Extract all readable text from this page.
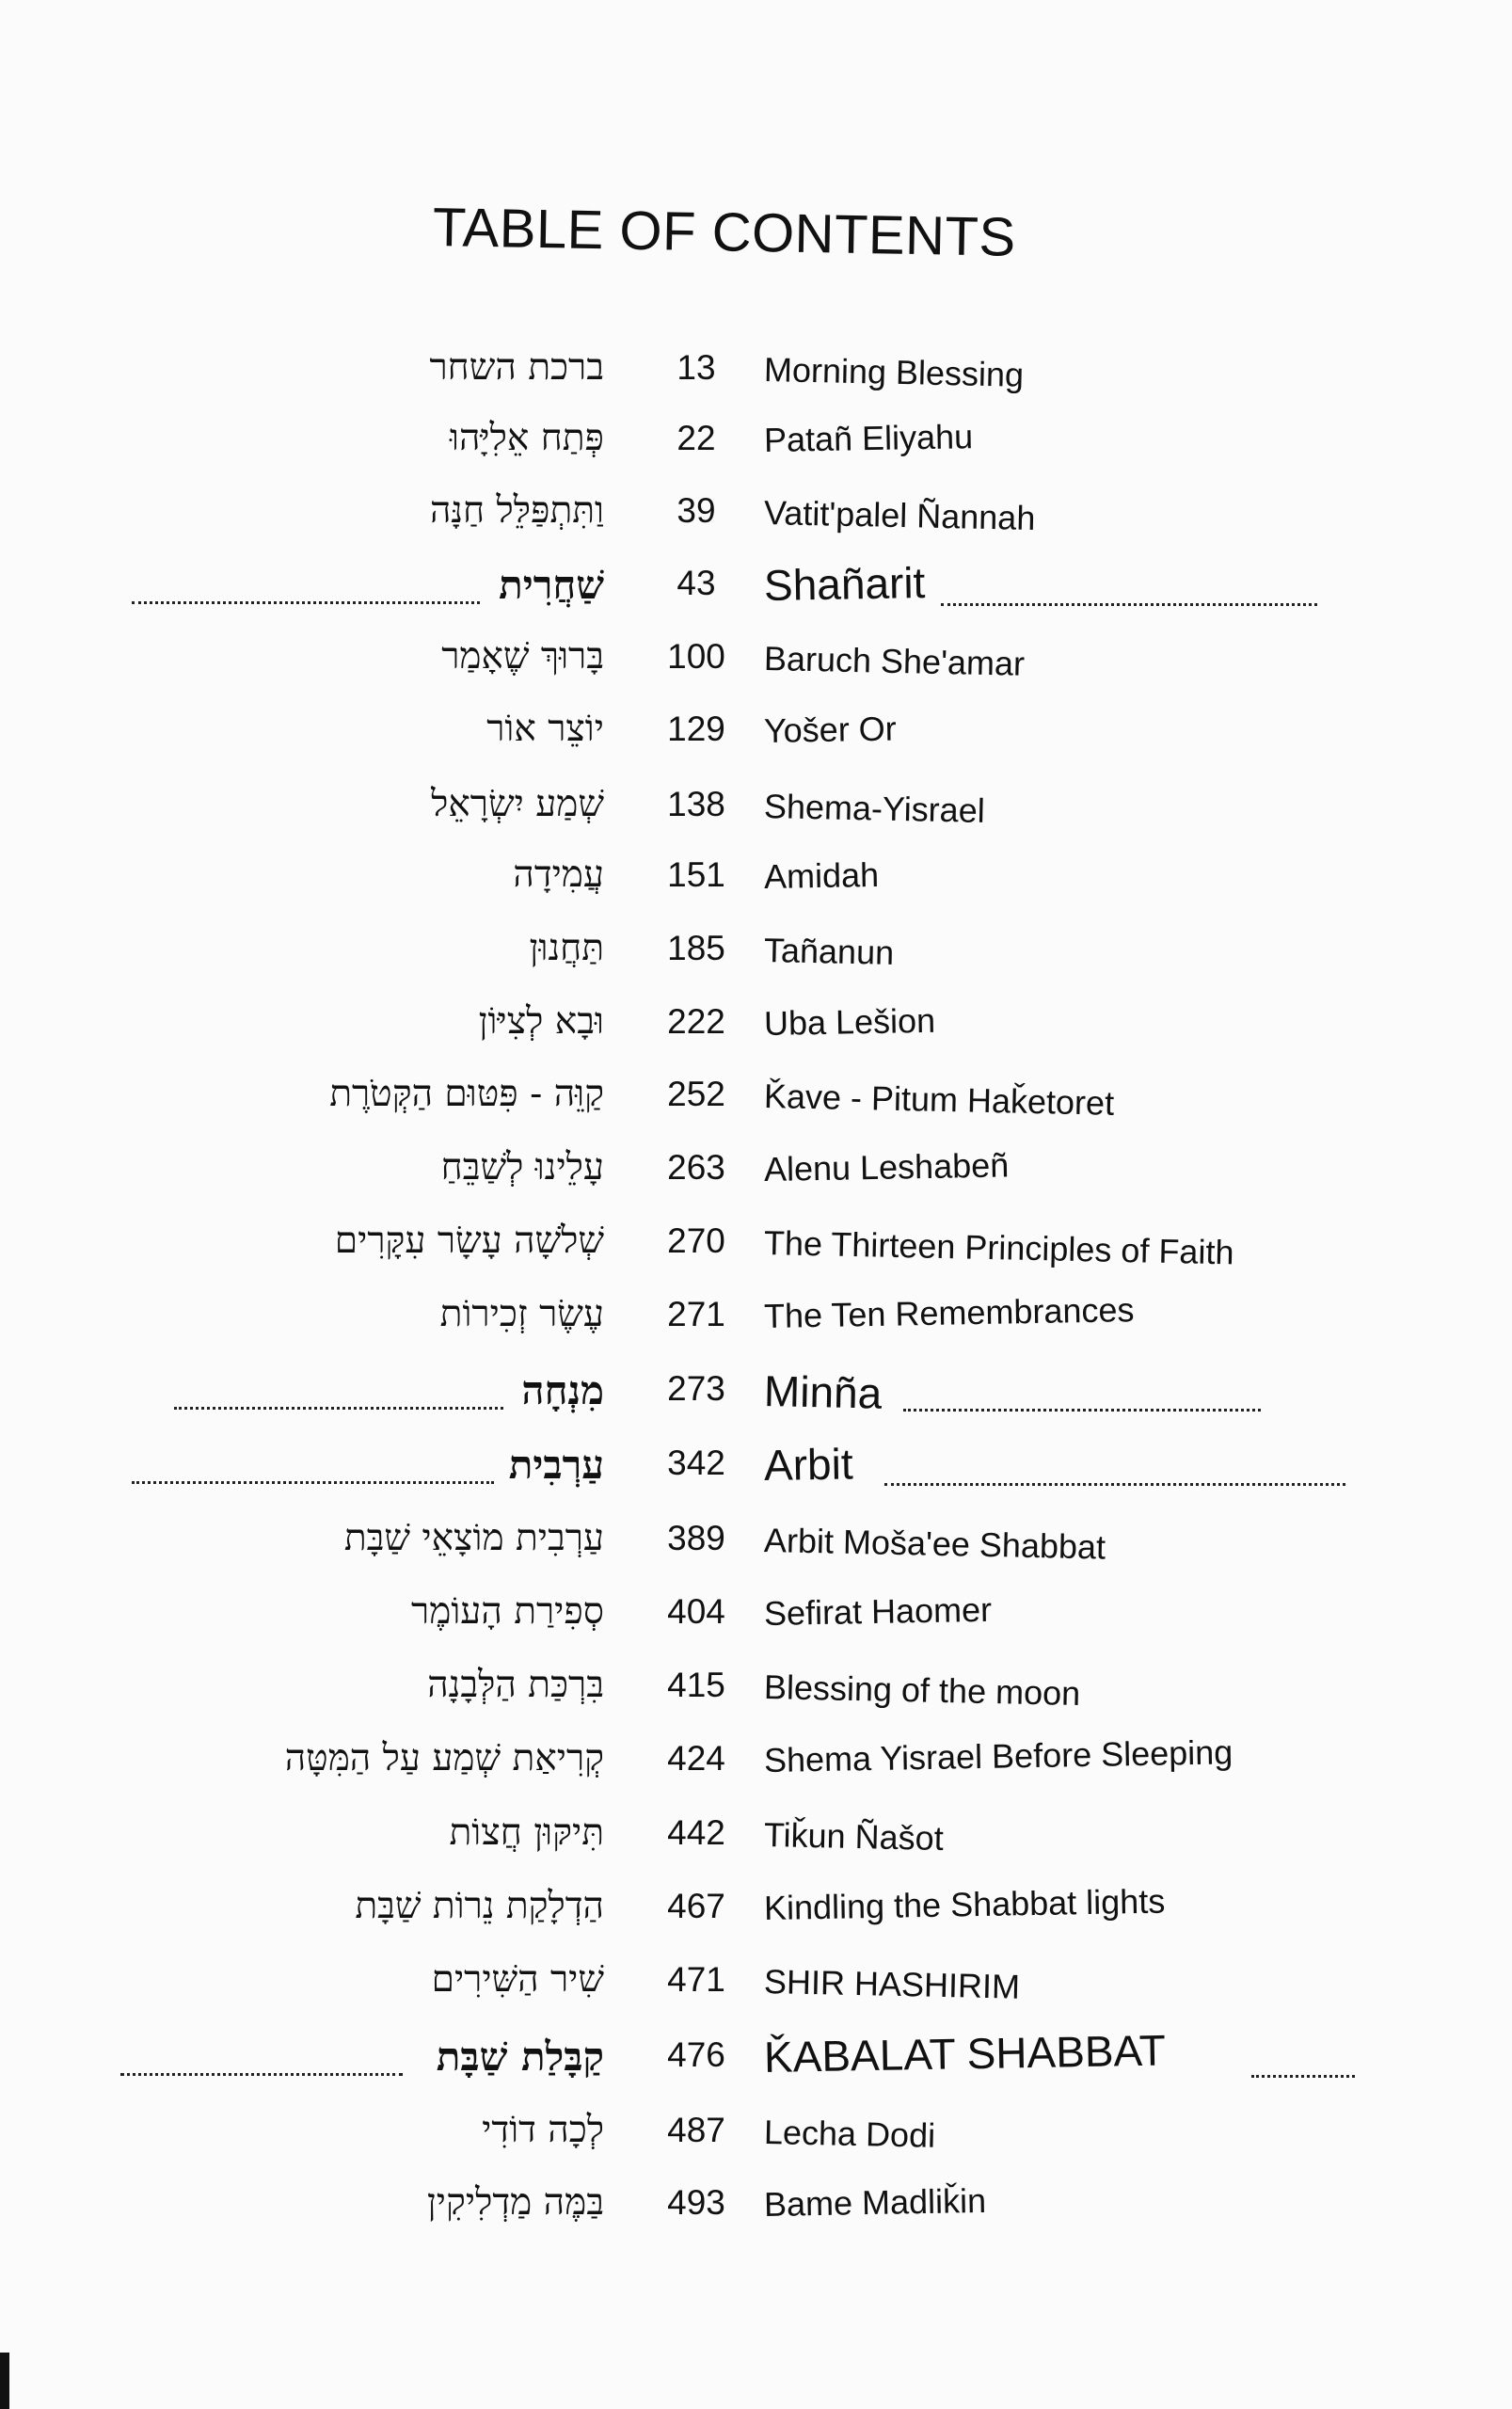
TABLE OF CONTENTS
ברכת השחר	13	Morning Blessing
פְּתַח אֵלִיָּהוּ	22	Patañ Eliyahu
וַתִּתְפַּלֵּל חַנָּה	39	Vatit'palel Ñannah
שַׁחֲרִית	43	Shañarit
בָּרוּךְ שֶׁאָמַר	100	Baruch She'amar
יוֹצֵר אוֹר	129	Yošer Or
שְׁמַע יִשְׂרָאֵל	138	Shema-Yisrael
עֲמִידָה	151	Amidah
תַּחֲנוּן	185	Tañanun
וּבָא לְצִיּוֹן	222	Uba Lešion
קַוֵּה - פִּטּוּם הַקְּטֹרֶת	252	Ǩave - Pitum Haǩetoret
עָלֵינוּ לְשַׁבֵּחַ	263	Alenu Leshabeñ
שְׁלֹשָׁה עָשָׂר עִקָּרִים	270	The Thirteen Principles of Faith
עֶשֶׂר זְכִירוֹת	271	The Ten Remembrances
מִנְחָה	273 Minña
עַרְבִית	342 Arbit
עַרְבִית מוֹצָאֵי שַׁבָּת	389	Arbit Moša'ee Shabbat
סְפִירַת הָעוֹמֶר	404	Sefirat Haomer
בִּרְכַּת הַלְּבָנָה	415	Blessing of the moon
קְרִיאַת שְׁמַע עַל הַמִּטָּה	424	Shema Yisrael Before Sleeping
תִּיקּוּן חֲצוֹת	442	Tiǩun Ñašot
הַדְלָקַת נֵרוֹת שַׁבָּת	467	Kindling the Shabbat lights
שִׁיר הַשִּׁירִים	471	SHIR HASHIRIM
קַבָּלַת שַׁבָּת	476 ǨABALAT SHABBAT
לְכָה דוֹדִי	487	Lecha Dodi
בַּמֶּה מַדְלִיקִין	493	Bame Madliǩin
